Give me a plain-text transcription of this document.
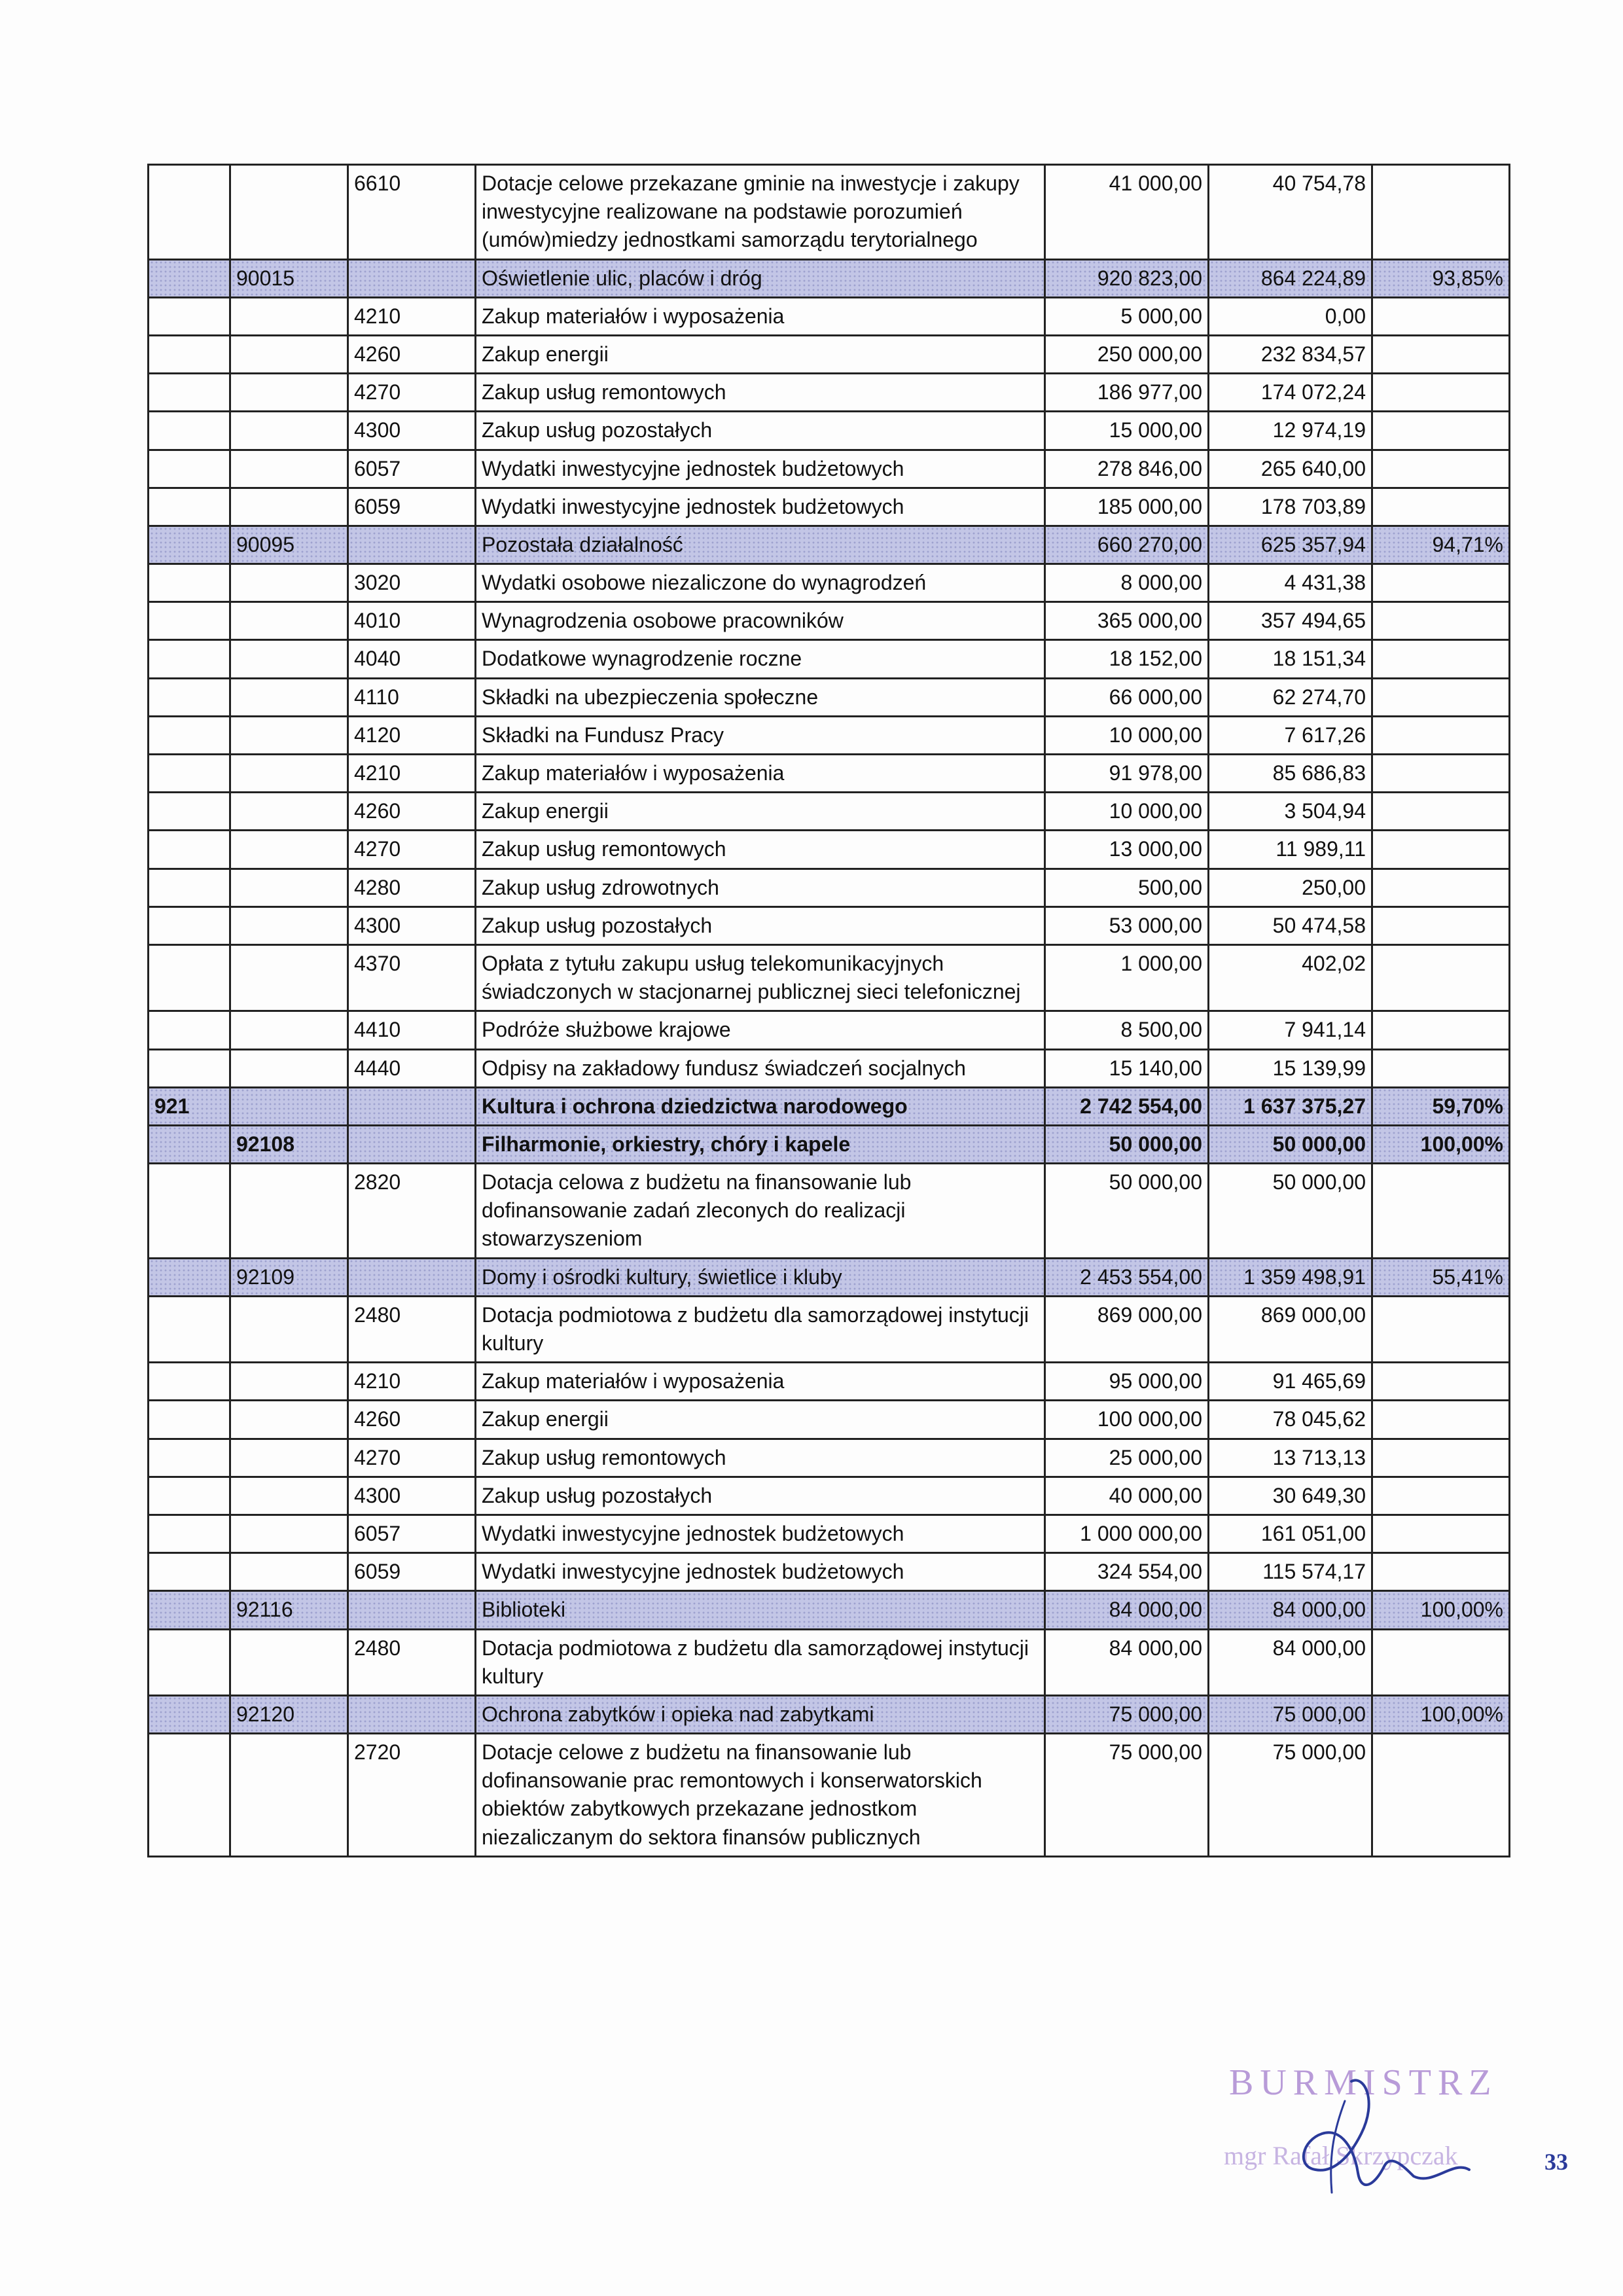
		6610	Dotacje celowe przekazane gminie na inwestycje i zakupy inwestycyjne realizowane na podstawie porozumień (umów)miedzy jednostkami samorządu terytorialnego	41 000,00	40 754,78	
	90015		Oświetlenie ulic, placów i dróg	920 823,00	864 224,89	93,85%
		4210	Zakup materiałów i wyposażenia	5 000,00	0,00	
		4260	Zakup energii	250 000,00	232 834,57	
		4270	Zakup usług remontowych	186 977,00	174 072,24	
		4300	Zakup usług pozostałych	15 000,00	12 974,19	
		6057	Wydatki inwestycyjne jednostek budżetowych	278 846,00	265 640,00	
		6059	Wydatki inwestycyjne jednostek budżetowych	185 000,00	178 703,89	
	90095		Pozostała działalność	660 270,00	625 357,94	94,71%
		3020	Wydatki osobowe niezaliczone do wynagrodzeń	8 000,00	4 431,38	
		4010	Wynagrodzenia osobowe pracowników	365 000,00	357 494,65	
		4040	Dodatkowe wynagrodzenie roczne	18 152,00	18 151,34	
		4110	Składki na ubezpieczenia społeczne	66 000,00	62 274,70	
		4120	Składki na Fundusz Pracy	10 000,00	7 617,26	
		4210	Zakup materiałów i wyposażenia	91 978,00	85 686,83	
		4260	Zakup energii	10 000,00	3 504,94	
		4270	Zakup usług remontowych	13 000,00	11 989,11	
		4280	Zakup usług zdrowotnych	500,00	250,00	
		4300	Zakup usług pozostałych	53 000,00	50 474,58	
		4370	Opłata z tytułu zakupu usług telekomunikacyjnych świadczonych w stacjonarnej publicznej sieci telefonicznej	1 000,00	402,02	
		4410	Podróże służbowe krajowe	8 500,00	7 941,14	
		4440	Odpisy na zakładowy fundusz świadczeń socjalnych	15 140,00	15 139,99	
921			Kultura i ochrona dziedzictwa narodowego	2 742 554,00	1 637 375,27	59,70%
	92108		Filharmonie, orkiestry, chóry i kapele	50 000,00	50 000,00	100,00%
		2820	Dotacja celowa z budżetu na finansowanie lub dofinansowanie zadań zleconych do realizacji stowarzyszeniom	50 000,00	50 000,00	
	92109		Domy i ośrodki kultury, świetlice i kluby	2 453 554,00	1 359 498,91	55,41%
		2480	Dotacja podmiotowa z budżetu dla samorządowej instytucji kultury	869 000,00	869 000,00	
		4210	Zakup materiałów i wyposażenia	95 000,00	91 465,69	
		4260	Zakup energii	100 000,00	78 045,62	
		4270	Zakup usług remontowych	25 000,00	13 713,13	
		4300	Zakup usług pozostałych	40 000,00	30 649,30	
		6057	Wydatki inwestycyjne jednostek budżetowych	1 000 000,00	161 051,00	
		6059	Wydatki inwestycyjne jednostek budżetowych	324 554,00	115 574,17	
	92116		Biblioteki	84 000,00	84 000,00	100,00%
		2480	Dotacja podmiotowa z budżetu dla samorządowej instytucji kultury	84 000,00	84 000,00	
	92120		Ochrona zabytków i opieka nad zabytkami	75 000,00	75 000,00	100,00%
		2720	Dotacje celowe z budżetu na finansowanie lub dofinansowanie prac remontowych i konserwatorskich obiektów zabytkowych przekazane jednostkom niezaliczanym do sektora finansów publicznych	75 000,00	75 000,00	
BURMISTRZ
mgr Rafał Skrzypczak	33
